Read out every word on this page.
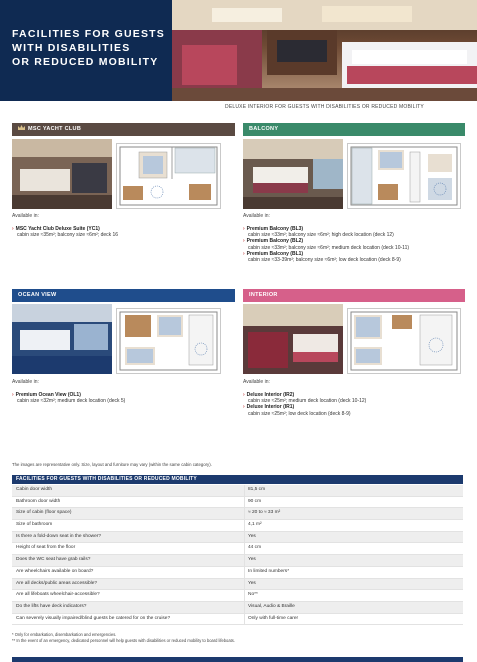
FACILITIES FOR GUESTS
WITH DISABILITIES
OR REDUCED MOBILITY
DELUXE INTERIOR FOR GUESTS WITH DISABILITIES OR REDUCED MOBILITY
MSC YACHT CLUB
Available in:
› MSC Yacht Club Deluxe Suite (YC1)
cabin size ≈35m²; balcony size ≈6m²; deck 16
BALCONY
Available in:
› Premium Balcony (BL3)
cabin size ≈33m²; balcony size ≈6m²; high deck location (deck 12)
› Premium Balcony (BL2)
cabin size ≈33m²; balcony size ≈6m²; medium deck location (deck 10-11)
› Premium Balcony (BL1)
cabin size ≈33-39m²; balcony size ≈6m²; low deck location (deck 8-9)
OCEAN VIEW
Available in:
› Premium Ocean View (OL1)
cabin size ≈32m²; medium deck location (deck 5)
INTERIOR
Available in:
› Deluxe Interior (IR2)
cabin size ≈25m²; medium deck location (deck 10-12)
› Deluxe Interior (IR1)
cabin size ≈25m²; low deck location (deck 8-9)
The images are representative only. Size, layout and furniture may vary (within the same cabin category).
FACILITIES FOR GUESTS WITH DISABILITIES OR REDUCED MOBILITY
Cabin door width	81,5 cm
Bathroom door width	90 cm
Size of cabin (floor space)	≈ 20 to ≈ 33 m²
Size of bathroom	4,1 m²
Is there a fold-down seat in the shower?	Yes
Height of seat from the floor	44 cm
Does the WC seat have grab rails?	Yes
Are wheelchairs available on board?	In limited numbers*
Are all decks/public areas accessible?	Yes
Are all lifeboats wheelchair-accessible?	No**
Do the lifts have deck indicators?	Visual, Audio & Braille
Can severely visually impaired/blind guests be catered for on the cruise?	Only with full-time carer
* Only for embarkation, disembarkation and emergencies.
** In the event of an emergency, dedicated personnel will help guests with disabilities or reduced mobility to board lifeboats.
